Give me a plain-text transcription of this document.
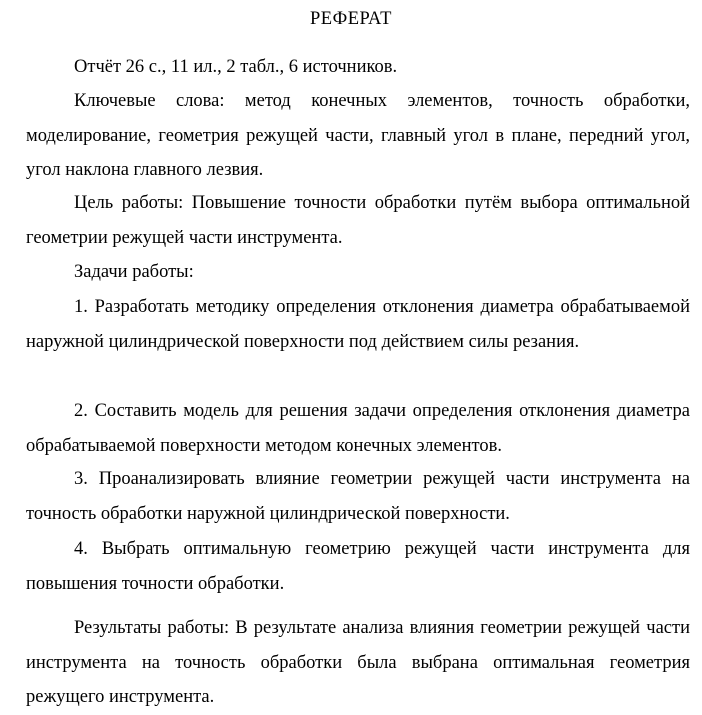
РЕФЕРАТ

Отчёт 26 с., 11 ил., 2 табл., 6 источников.

Ключевые слова: метод конечных элементов, точность обработки, моделирование, геометрия режущей части, главный угол в плане, передний угол, угол наклона главного лезвия.

Цель работы: Повышение точности обработки путём выбора оптимальной геометрии режущей части инструмента.

Задачи работы:

1. Разработать методику определения отклонения диаметра обрабатываемой наружной цилиндрической поверхности под действием силы резания.

2. Составить модель для решения задачи определения отклонения диаметра обрабатываемой поверхности методом конечных элементов.

3. Проанализировать влияние геометрии режущей части инструмента на точность обработки наружной цилиндрической поверхности.

4. Выбрать оптимальную геометрию режущей части инструмента для повышения точности обработки.

Результаты работы: В результате анализа влияния геометрии режущей части инструмента на точность обработки была выбрана оптимальная геометрия режущего инструмента.
